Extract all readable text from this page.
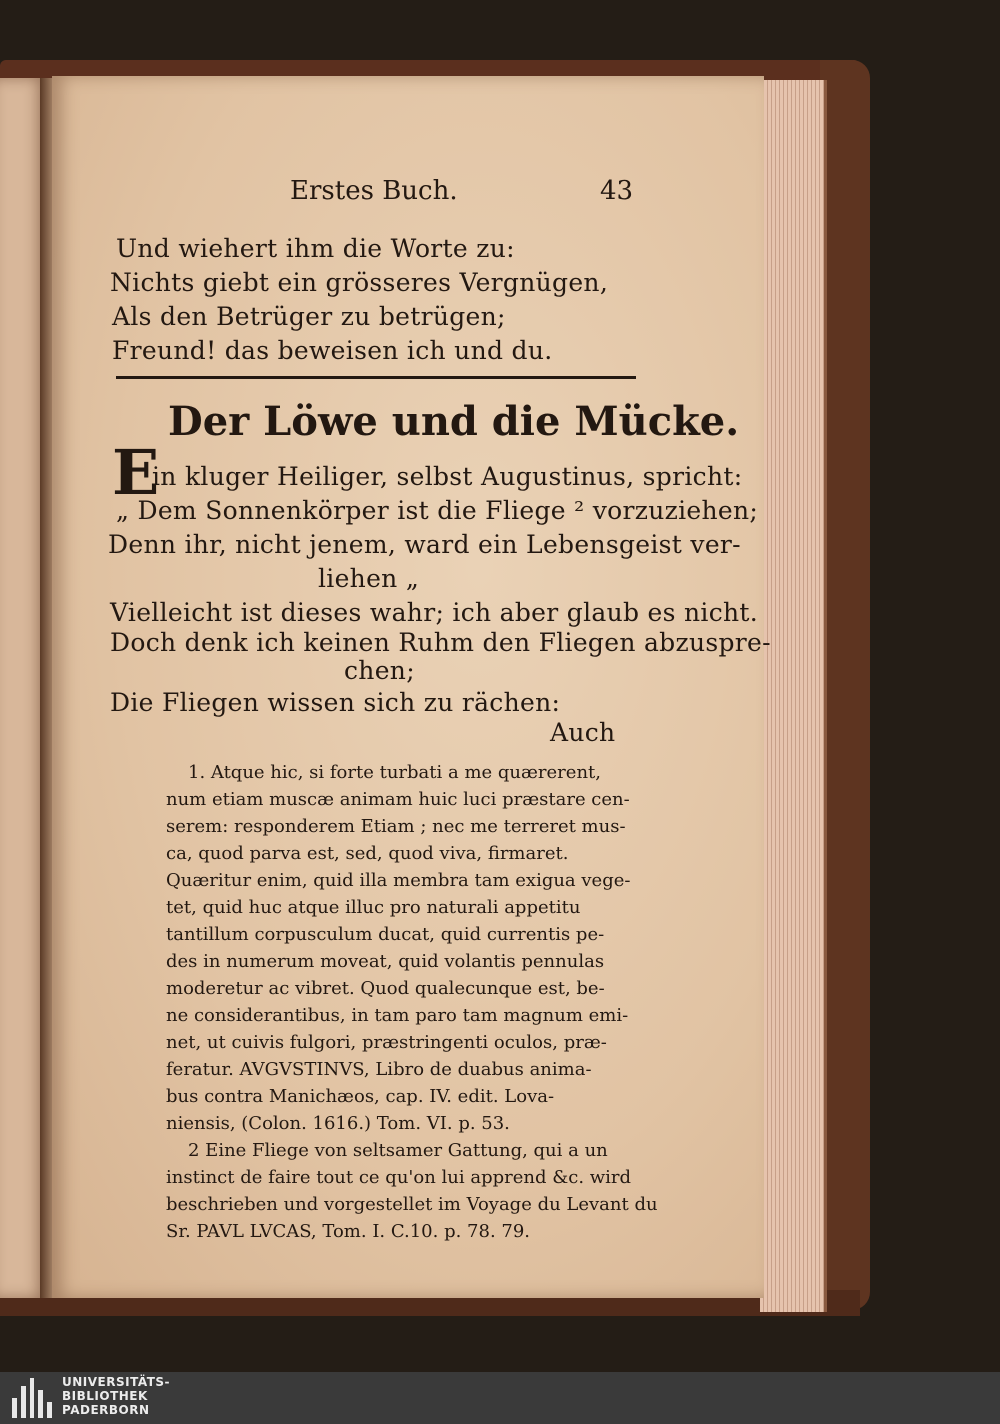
Erstes Buch.	43
Und wiehert ihm die Worte zu:
Nichts giebt ein grösseres Vergnügen,
Als den Betrüger zu betrügen;
Freund! das beweisen ich und du.
Der Löwe und die Mücke.
E
in kluger Heiliger, selbst Augustinus, spricht:
„ Dem Sonnenkörper ist die Fliege ² vorzuziehen;
Denn ihr, nicht jenem, ward ein Lebensgeist ver-
liehen „
Vielleicht ist dieses wahr; ich aber glaub es nicht.
Doch denk ich keinen Ruhm den Fliegen abzuspre-
chen;
Die Fliegen wissen sich zu rächen:
Auch
1. Atque hic, si forte turbati a me quærerent,
num etiam muscæ animam huic luci præstare cen-
serem: responderem Etiam ; nec me terreret mus-
ca, quod parva est, sed, quod viva, firmaret.
Quæritur enim, quid illa membra tam exigua vege-
tet, quid huc atque illuc pro naturali appetitu
tantillum corpusculum ducat, quid currentis pe-
des in numerum moveat, quid volantis pennulas
moderetur ac vibret. Quod qualecunque est, be-
ne considerantibus, in tam paro tam magnum emi-
net, ut cuivis fulgori, præstringenti oculos, præ-
feratur. AVGVSTINVS, Libro de duabus anima-
bus contra Manichæos, cap. IV. edit. Lova-
niensis, (Colon. 1616.) Tom. VI. p. 53.
2 Eine Fliege von seltsamer Gattung, qui a un
instinct de faire tout ce qu'on lui apprend &c. wird
beschrieben und vorgestellet im Voyage du Levant du
Sr. PAVL LVCAS, Tom. I. C.10. p. 78. 79.
UNIVERSITÄTS-
BIBLIOTHEK
PADERBORN
